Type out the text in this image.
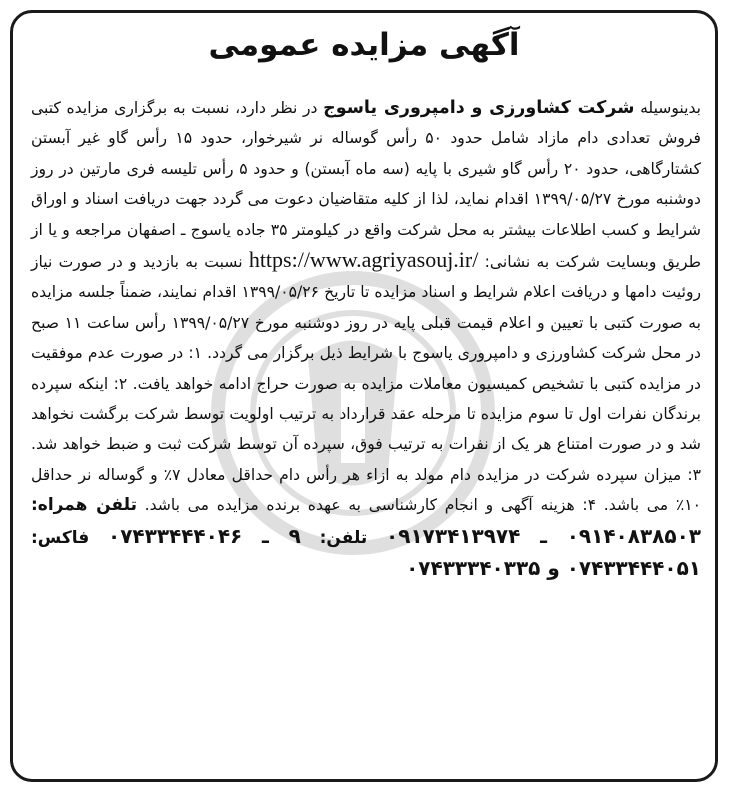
آگهی مزایده عمومی
بدینوسیله شرکت کشاورزی و دامپروری یاسوج در نظر دارد، نسبت به برگزاری مزایده کتبی فروش تعدادی دام مازاد شامل حدود ۵۰ رأس گوساله نر شیرخوار، حدود ۱۵ رأس گاو غیر آبستن کشتارگاهی، حدود ۲۰ رأس گاو شیری با پایه (سه ماه آبستن) و حدود ۵ رأس تلیسه فری مارتین در روز دوشنبه مورخ ۱۳۹۹/۰۵/۲۷ اقدام نماید، لذا از کلیه متقاضیان دعوت می گردد جهت دریافت اسناد و اوراق شرایط و کسب اطلاعات بیشتر به محل شرکت واقع در کیلومتر ۳۵ جاده یاسوج ـ اصفهان مراجعه و یا از طریق وبسایت شرکت به نشانی: https://www.agriyasouj.ir/ نسبت به بازدید و در صورت نیاز روئیت دامها و دریافت اعلام شرایط و اسناد مزایده تا تاریخ ۱۳۹۹/۰۵/۲۶ اقدام نمایند، ضمناً جلسه مزایده به صورت کتبی با تعیین و اعلام قیمت قبلی پایه در روز دوشنبه مورخ ۱۳۹۹/۰۵/۲۷ رأس ساعت ۱۱ صبح در محل شرکت کشاورزی و دامپروری یاسوج با شرایط ذیل برگزار می گردد. ۱: در صورت عدم موفقیت در مزایده کتبی با تشخیص کمیسیون معاملات مزایده به صورت حراج ادامه خواهد یافت. ۲: اینکه سپرده برندگان نفرات اول تا سوم مزایده تا مرحله عقد قرارداد به ترتیب اولویت توسط شرکت برگشت نخواهد شد و در صورت امتناع هر یک از نفرات به ترتیب فوق، سپرده آن توسط شرکت ثبت و ضبط خواهد شد. ۳: میزان سپرده شرکت در مزایده دام مولد به ازاء هر رأس دام حداقل معادل ۷٪ و گوساله نر حداقل ۱۰٪ می باشد. ۴: هزینه آگهی و انجام کارشناسی به عهده برنده مزایده می باشد. تلفن همراه: ۰۹۱۴۰۸۳۸۵۰۳ ـ ۰۹۱۷۳۴۱۳۹۷۴ تلفن: ۹ ـ ۰۷۴۳۳۴۴۴۰۴۶ فاکس: ۰۷۴۳۳۴۴۴۰۵۱ و ۰۷۴۳۳۳۴۰۳۳۵
